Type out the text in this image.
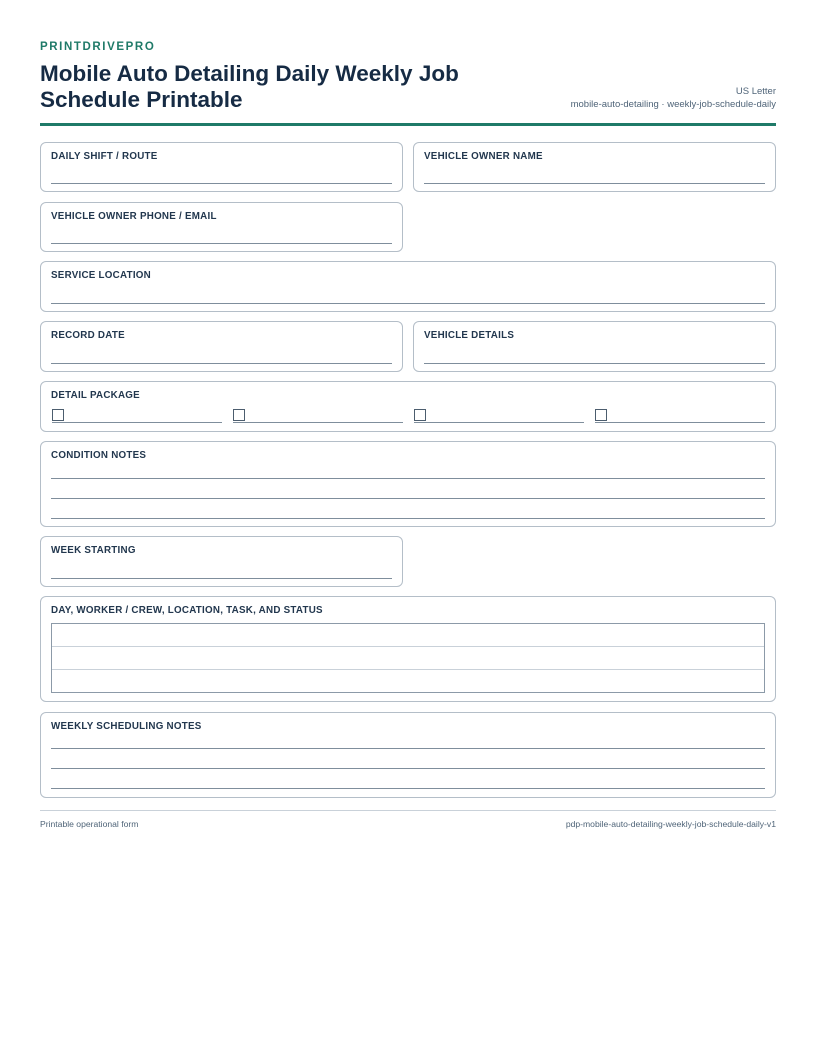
PRINTDRIVEPRO
Mobile Auto Detailing Daily Weekly Job Schedule Printable	US Letter
mobile-auto-detailing · weekly-job-schedule-daily
DAILY SHIFT / ROUTE	VEHICLE OWNER NAME
VEHICLE OWNER PHONE / EMAIL
SERVICE LOCATION
RECORD DATE	VEHICLE DETAILS
DETAIL PACKAGE
CONDITION NOTES
WEEK STARTING
DAY, WORKER / CREW, LOCATION, TASK, AND STATUS
WEEKLY SCHEDULING NOTES
Printable operational form	pdp-mobile-auto-detailing-weekly-job-schedule-daily-v1
